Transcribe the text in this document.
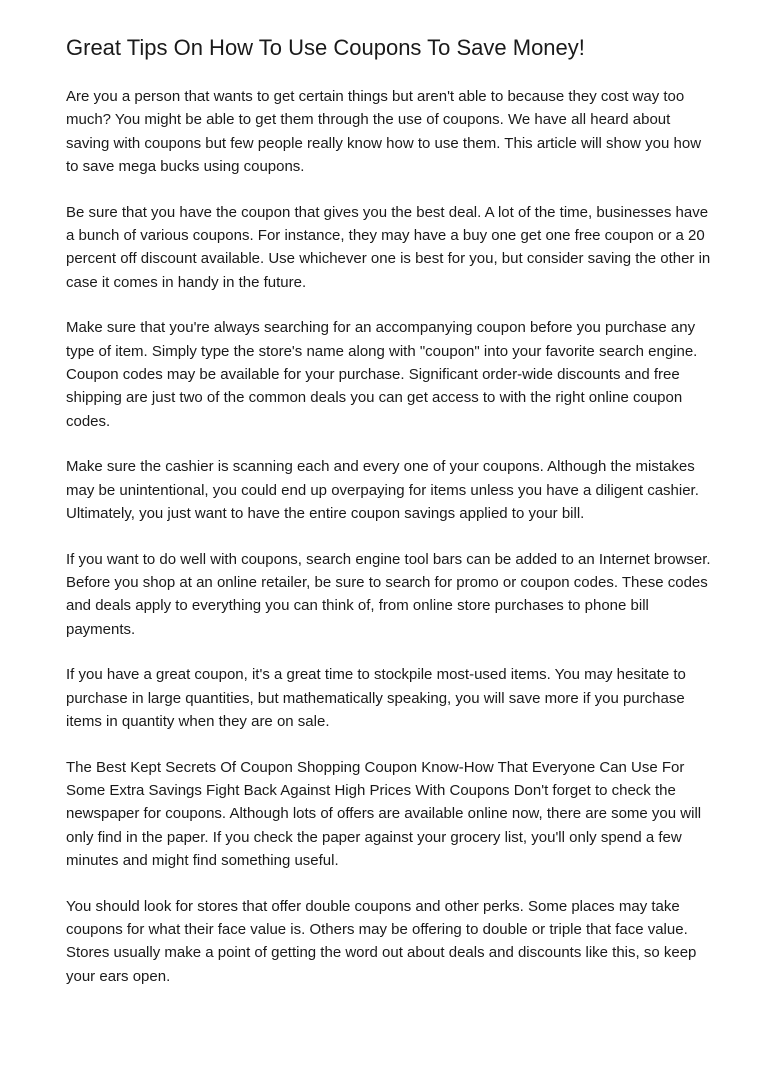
Great Tips On How To Use Coupons To Save Money!

Are you a person that wants to get certain things but aren't able to because they cost way too much? You might be able to get them through the use of coupons. We have all heard about saving with coupons but few people really know how to use them. This article will show you how to save mega bucks using coupons.

Be sure that you have the coupon that gives you the best deal. A lot of the time, businesses have a bunch of various coupons. For instance, they may have a buy one get one free coupon or a 20 percent off discount available. Use whichever one is best for you, but consider saving the other in case it comes in handy in the future.

Make sure that you're always searching for an accompanying coupon before you purchase any type of item. Simply type the store's name along with "coupon" into your favorite search engine. Coupon codes may be available for your purchase. Significant order-wide discounts and free shipping are just two of the common deals you can get access to with the right online coupon codes.

Make sure the cashier is scanning each and every one of your coupons. Although the mistakes may be unintentional, you could end up overpaying for items unless you have a diligent cashier. Ultimately, you just want to have the entire coupon savings applied to your bill.

If you want to do well with coupons, search engine tool bars can be added to an Internet browser. Before you shop at an online retailer, be sure to search for promo or coupon codes. These codes and deals apply to everything you can think of, from online store purchases to phone bill payments.

If you have a great coupon, it's a great time to stockpile most-used items. You may hesitate to purchase in large quantities, but mathematically speaking, you will save more if you purchase items in quantity when they are on sale.

The Best Kept Secrets Of Coupon Shopping Coupon Know-How That Everyone Can Use For Some Extra Savings Fight Back Against High Prices With Coupons Don't forget to check the newspaper for coupons. Although lots of offers are available online now, there are some you will only find in the paper. If you check the paper against your grocery list, you'll only spend a few minutes and might find something useful.

You should look for stores that offer double coupons and other perks. Some places may take coupons for what their face value is. Others may be offering to double or triple that face value. Stores usually make a point of getting the word out about deals and discounts like this, so keep your ears open.
